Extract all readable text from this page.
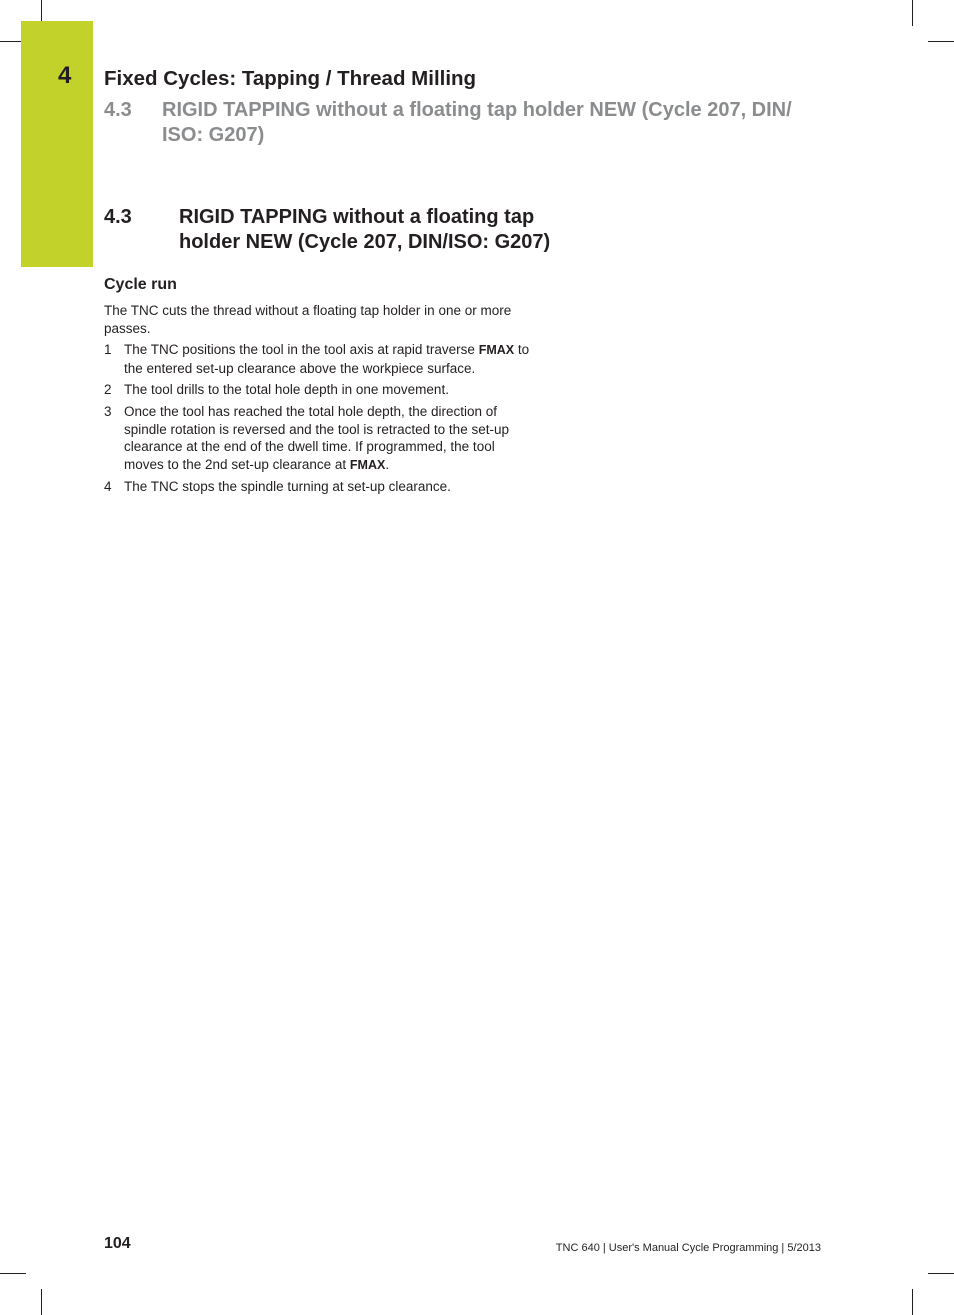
4 Fixed Cycles: Tapping / Thread Milling
4.3 RIGID TAPPING without a floating tap holder NEW (Cycle 207, DIN/ ISO: G207)
4.3 RIGID TAPPING without a floating tap holder NEW (Cycle 207, DIN/ISO: G207)
Cycle run

The TNC cuts the thread without a floating tap holder in one or more passes.

1 The TNC positions the tool in the tool axis at rapid traverse FMAX to the entered set-up clearance above the workpiece surface.
2 The tool drills to the total hole depth in one movement.
3 Once the tool has reached the total hole depth, the direction of spindle rotation is reversed and the tool is retracted to the set-up clearance at the end of the dwell time. If programmed, the tool moves to the 2nd set-up clearance at FMAX.
4 The TNC stops the spindle turning at set-up clearance.
104	TNC 640 | User's Manual Cycle Programming | 5/2013
